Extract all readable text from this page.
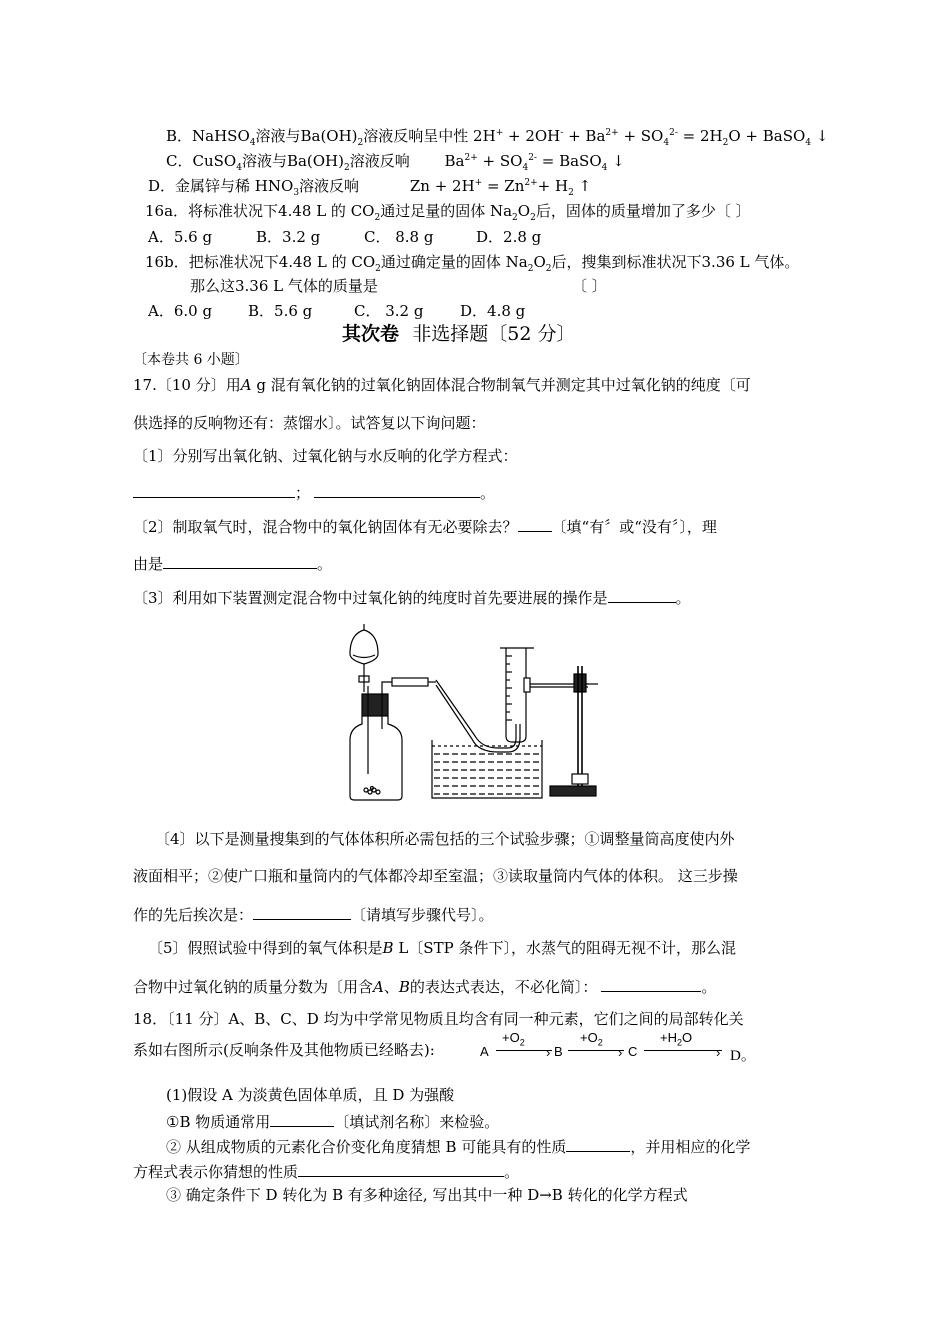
B．NaHSO$_4$溶液与$Ba(OH)_2$溶液反响呈中性 $2H^+ + 2OH^- + Ba^{2+} + SO_4^{2-} = 2H_2O$ + BaSO$_4$ ↓
C．CuSO$_4$溶液与$Ba(OH)_2$溶液反响 $Ba^{2+} + SO_4^{2-}$ = BaSO$_4$ ↓
D．金属锌与稀 $HNO_3$溶液反响	$Zn + 2H^+ = Zn^{2+}+ H_2$ ↑
16a．将标准状况下4.48 L 的 $CO_2$通过足量的固体 $Na_2O_2$后，固体的质量增加了多少〔 〕
A．5.6 g	B．3.2 g	C． 8.8 g	D．2.8 g
16b．把标准状况下4.48 L 的 $CO_2$通过确定量的固体 $Na_2O_2$后，搜集到标准状况下3.36 L 气体。
那么这3.36 L 气体的质量是	〔 〕
A．6.0 g B．5.6 g	C． 3.2 g D．4.8 g
其次卷 非选择题〔52 分〕
〔本卷共 6 小题〕
17.〔10 分〕用A g 混有氧化钠的过氧化钠固体混合物制氧气并测定其中过氧化钠的纯度〔可
供选择的反响物还有：蒸馏水〕。试答复以下询问题：
〔1〕分别写出氧化钠、过氧化钠与水反响的化学方程式：
；	。
〔2〕制取氧气时，混合物中的氧化钠固体有无必要除去？ 〔填“有〞或“没有〞〕，理
由是	。
〔3〕利用如下装置测定混合物中过氧化钠的纯度时首先要进展的操作是	。
〔4〕以下是测量搜集到的气体体积所必需包括的三个试验步骤；①调整量筒高度使内外
液面相平；②使广口瓶和量筒内的气体都冷却至室温；③读取量筒内气体的体积。 这三步操
作的先后挨次是：	〔请填写步骤代号〕。
〔5〕假照试验中得到的氧气体积是B L〔STP 条件下〕，水蒸气的阻碍无视不计，那么混
合物中过氧化钠的质量分数为〔用含A、B的表达式表达，不必化简〕：	。
18．〔11 分〕A、B、C、D 均为中学常见物质且均含有同一种元素，它们之间的局部转化关
系如右图所示(反响条件及其他物质已经略去):	A
$+O_2$
› B
$+O_2$
› C
$+H_2O$
› D。
(1)假设 A 为淡黄色固体单质，且 D 为强酸
①B 物质通常用	〔填试剂名称〕来检验。
② 从组成物质的元素化合价变化角度猜想 B 可能具有的性质	，并用相应的化学
方程式表示你猜想的性质	。
③ 确定条件下 D 转化为 B 有多种途径, 写出其中一种 D→B 转化的化学方程式
